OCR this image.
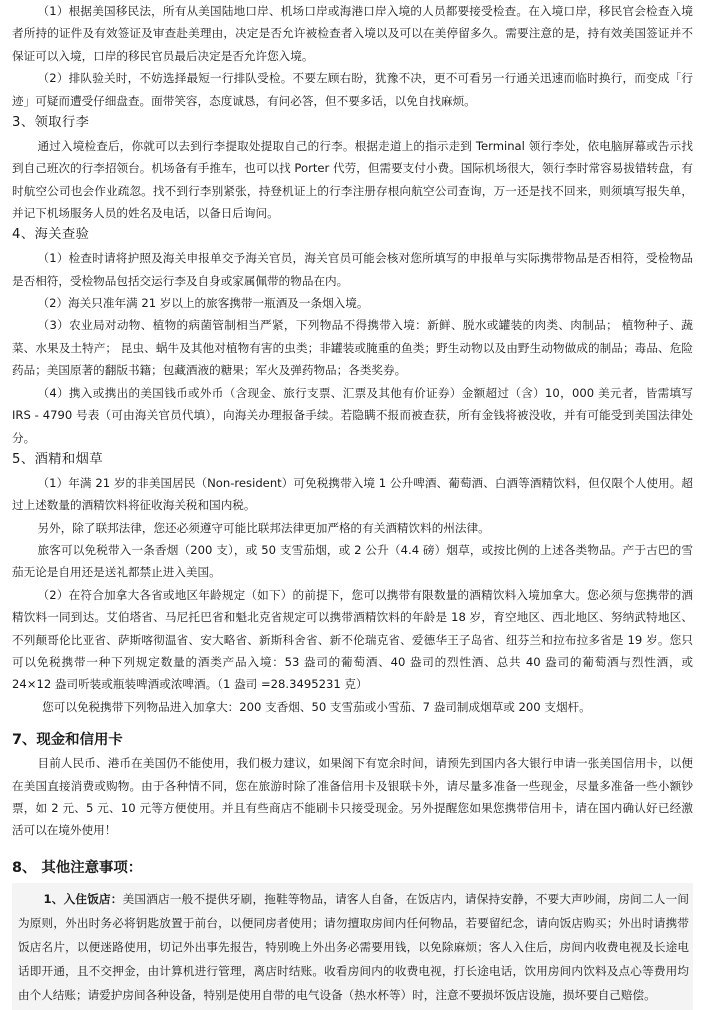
（1）根据美国移民法，所有从美国陆地口岸、机场口岸或海港口岸入境的人员都要接受检查。在入境口岸，移民官会检查入境者所持的证件及有效签证及审查赴美理由，决定是否允许被检查者入境以及可以在美停留多久。需要注意的是，持有效美国签证并不保证可以入境，口岸的移民官员最后决定是否允许您入境。

（2）排队验关时，不妨选择最短一行排队受检。不要左顾右盼，犹豫不决，更不可看另一行通关迅速而临时换行，而变成「行迹」可疑而遭受仔细盘查。面带笑容，态度诚恳，有问必答，但不要多话，以免自找麻烦。

3、领取行李

通过入境检查后，你就可以去到行李提取处提取自己的行李。根据走道上的指示走到 Terminal 领行李处，依电脑屏幕或告示找到自己班次的行李招领台。机场备有手推车，也可以找 Porter 代劳，但需要支付小费。国际机场很大，领行李时常容易拔错转盘，有时航空公司也会作业疏忽。找不到行李别紧张，持登机证上的行李注册存根向航空公司查询，万一还是找不回来，则须填写报失单，并记下机场服务人员的姓名及电话，以备日后询问。

4、海关查验

（1）检查时请将护照及海关申报单交予海关官员，海关官员可能会核对您所填写的申报单与实际携带物品是否相符，受检物品是否相符，受检物品包括交运行李及自身或家属佩带的物品在内。

（2）海关只准年满 21 岁以上的旅客携带一瓶酒及一条烟入境。

（3）农业局对动物、植物的病菌管制相当严紧，下列物品不得携带入境：新鲜、脱水或罐装的肉类、肉制品； 植物种子、蔬菜、水果及土特产； 昆虫、蜗牛及其他对植物有害的虫类；非罐装或腌重的鱼类；野生动物以及由野生动物做成的制品；毒品、危险药品；美国原著的翻版书籍；包藏酒液的糖果；军火及弹药物品；各类奖券。

（4）携入或携出的美国钱币或外币（含现金、旅行支票、汇票及其他有价证券）金额超过（含）10，000 美元者，皆需填写 IRS - 4790 号表（可由海关官员代填），向海关办理报备手续。若隐瞒不报而被查获，所有金钱将被没收，并有可能受到美国法律处分。

5、酒精和烟草

（1）年满 21 岁的非美国居民（Non-resident）可免税携带入境 1 公升啤酒、葡萄酒、白酒等酒精饮料，但仅限个人使用。超过上述数量的酒精饮料将征收海关税和国内税。

另外，除了联邦法律，您还必须遵守可能比联邦法律更加严格的有关酒精饮料的州法律。

旅客可以免税带入一条香烟（200 支），或 50 支雪茄烟，或 2 公升（4.4 磅）烟草，或按比例的上述各类物品。产于古巴的雪茄无论是自用还是送礼都禁止进入美国。

（2）在符合加拿大各省或地区年龄规定（如下）的前提下，您可以携带有限数量的酒精饮料入境加拿大。您必须与您携带的酒精饮料一同到达。艾伯塔省、马尼托巴省和魁北克省规定可以携带酒精饮料的年龄是 18 岁，育空地区、西北地区、努纳武特地区、不列颠哥伦比亚省、萨斯喀彻温省、安大略省、新斯科舍省、新不伦瑞克省、爱德华王子岛省、纽芬兰和拉布拉多省是 19 岁。您只可以免税携带一种下列规定数量的酒类产品入境：53 盎司的葡萄酒、40 盎司的烈性酒、总共 40 盎司的葡萄酒与烈性酒，或 24×12 盎司听装或瓶装啤酒或浓啤酒。（1 盎司 =28.3495231 克）

您可以免税携带下列物品进入加拿大：200 支香烟、50 支雪茄或小雪茄、7 盎司制成烟草或 200 支烟杆。

7、现金和信用卡

目前人民币、港币在美国仍不能使用，我们极力建议，如果阁下有宽余时间，请预先到国内各大银行申请一张美国信用卡，以便在美国直接消费或购物。由于各种情不同，您在旅游时除了准备信用卡及银联卡外，请尽量多准备一些现金，尽量多准备一些小额钞票，如 2 元、5 元、10 元等方便使用。并且有些商店不能刷卡只接受现金。另外提醒您如果您携带信用卡，请在国内确认好已经激活可以在境外使用！

8、 其他注意事项：

1、入住饭店：美国酒店一般不提供牙刷，拖鞋等物品，请客人自备，在饭店内，请保持安静，不要大声吵闹，房间二人一间为原则，外出时务必将钥匙放置于前台，以便同房者使用；请勿擅取房间内任何物品，若要留纪念，请向饭店购买；外出时请携带饭店名片，以便迷路使用，切记外出事先报告，特别晚上外出务必需要用钱，以免除麻烦；客人入住后，房间内收费电视及长途电话即开通，且不交押金，由计算机进行管理，离店时结账。收看房间内的收费电视，打长途电话，饮用房间内饮料及点心等费用均由个人结账；请爱护房间各种设备，特别是使用自带的电气设备（热水杯等）时，注意不要损坏饭店设施，损坏要自己赔偿。
